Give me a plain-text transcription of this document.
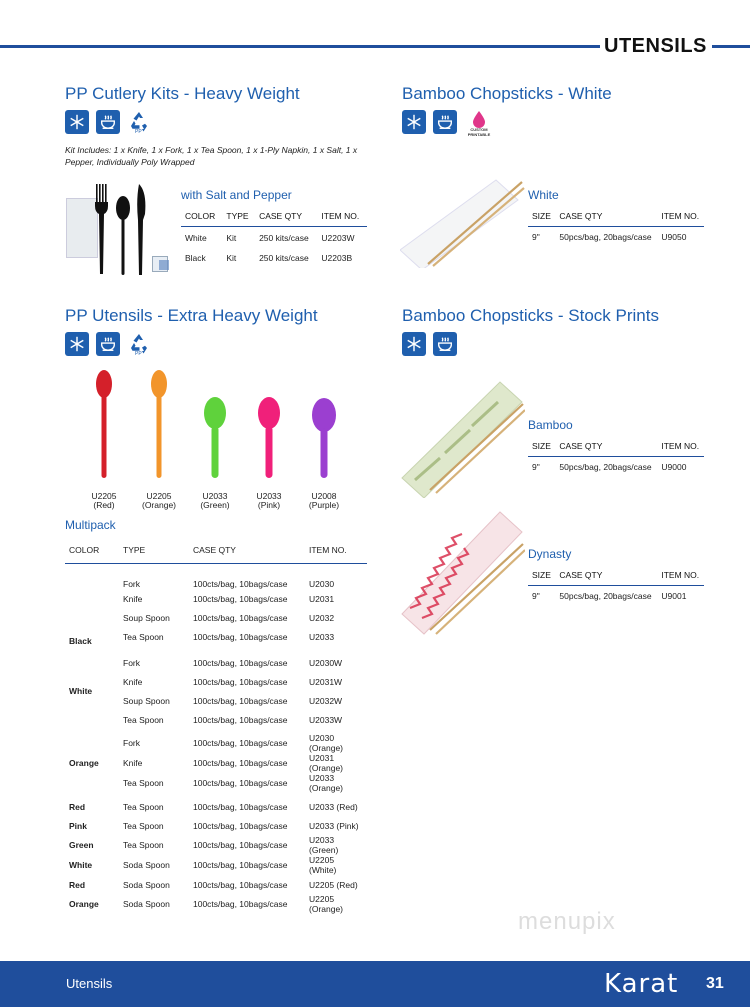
UTENSILS
PP Cutlery Kits - Heavy Weight
PP
Kit Includes: 1 x Knife, 1 x Fork, 1 x Tea Spoon, 1 x 1-Ply Napkin, 1 x Salt, 1 x Pepper, Individually Poly Wrapped
with Salt and Pepper
COLOR	TYPE	CASE QTY	ITEM NO.
White	Kit	250 kits/case	U2203W
Black	Kit	250 kits/case	U2203B
Bamboo Chopsticks - White
CUSTOM
PRINTABLE
White
SIZE	CASE QTY	ITEM NO.
9"	50pcs/bag, 20bags/case	U9050
PP Utensils - Extra Heavy Weight
PP
U2205
(Red)
U2205
(Orange)
U2033
(Green)
U2033
(Pink)
U2008
(Purple)
Multipack
COLOR	TYPE	CASE QTY	ITEM NO.
Black	Fork	100cts/bag, 10bags/case	U2030
	Knife	100cts/bag, 10bags/case	U2031
	Soup Spoon	100cts/bag, 10bags/case	U2032
	Tea Spoon	100cts/bag, 10bags/case	U2033

White	Fork	100cts/bag, 10bags/case	U2030W
	Knife	100cts/bag, 10bags/case	U2031W
	Soup Spoon	100cts/bag, 10bags/case	U2032W
	Tea Spoon	100cts/bag, 10bags/case	U2033W

Orange	Fork	100cts/bag, 10bags/case	U2030 (Orange)
	Knife	100cts/bag, 10bags/case	U2031 (Orange)
	Tea Spoon	100cts/bag, 10bags/case	U2033 (Orange)

Red	Tea Spoon	100cts/bag, 10bags/case	U2033 (Red)
Pink	Tea Spoon	100cts/bag, 10bags/case	U2033 (Pink)
Green	Tea Spoon	100cts/bag, 10bags/case	U2033 (Green)
White	Soda Spoon	100cts/bag, 10bags/case	U2205 (White)
Red	Soda Spoon	100cts/bag, 10bags/case	U2205 (Red)
Orange	Soda Spoon	100cts/bag, 10bags/case	U2205 (Orange)
Bamboo Chopsticks - Stock Prints
Bamboo
SIZE	CASE QTY	ITEM NO.
9"	50pcs/bag, 20bags/case	U9000
Dynasty
SIZE	CASE QTY	ITEM NO.
9"	50pcs/bag, 20bags/case	U9001
menupix
Utensils	Karat 31
